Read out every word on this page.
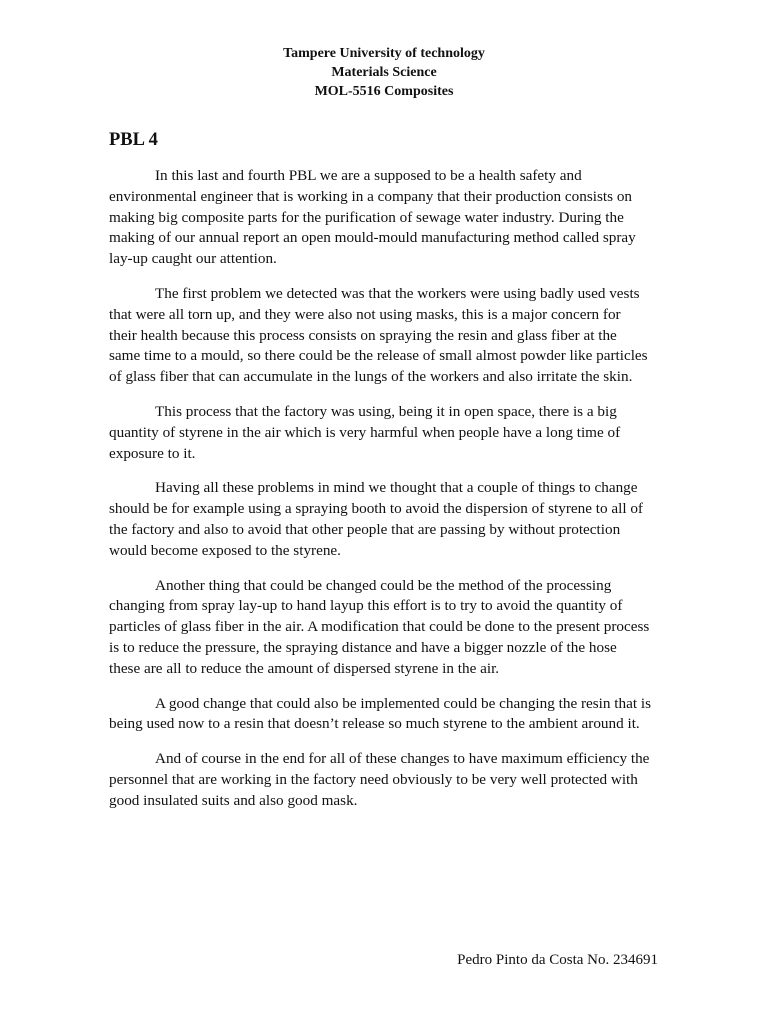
Tampere University of technology
Materials Science
MOL-5516 Composites
PBL 4

In this last and fourth PBL we are a supposed to be a health safety and environmental engineer that is working in a company that their production consists on making big composite parts for the purification of sewage water industry. During the making of our annual report an open mould-mould manufacturing method called spray lay-up caught our attention.

The first problem we detected was that the workers were using badly used vests that were all torn up, and they were also not using masks, this is a major concern for their health because this process consists on spraying the resin and glass fiber at the same time to a mould, so there could be the release of small almost powder like particles of glass fiber that can accumulate in the lungs of the workers and also irritate the skin.

This process that the factory was using, being it in open space, there is a big quantity of styrene in the air which is very harmful when people have a long time of exposure to it.

Having all these problems in mind we thought that a couple of things to change should be for example using a spraying booth to avoid the dispersion of styrene to all of the factory and also to avoid that other people that are passing by without protection would become exposed to the styrene.

Another thing that could be changed could be the method of the processing changing from spray lay-up to hand layup this effort is to try to avoid the quantity of particles of glass fiber in the air. A modification that could be done to the present process is to reduce the pressure, the spraying distance and have a bigger nozzle of the hose these are all to reduce the amount of dispersed styrene in the air.

A good change that could also be implemented could be changing the resin that is being used now to a resin that doesn’t release so much styrene to the ambient around it.

And of course in the end for all of these changes to have maximum efficiency the personnel that are working in the factory need obviously to be very well protected with good insulated suits and also good mask.

Pedro Pinto da Costa No. 234691
